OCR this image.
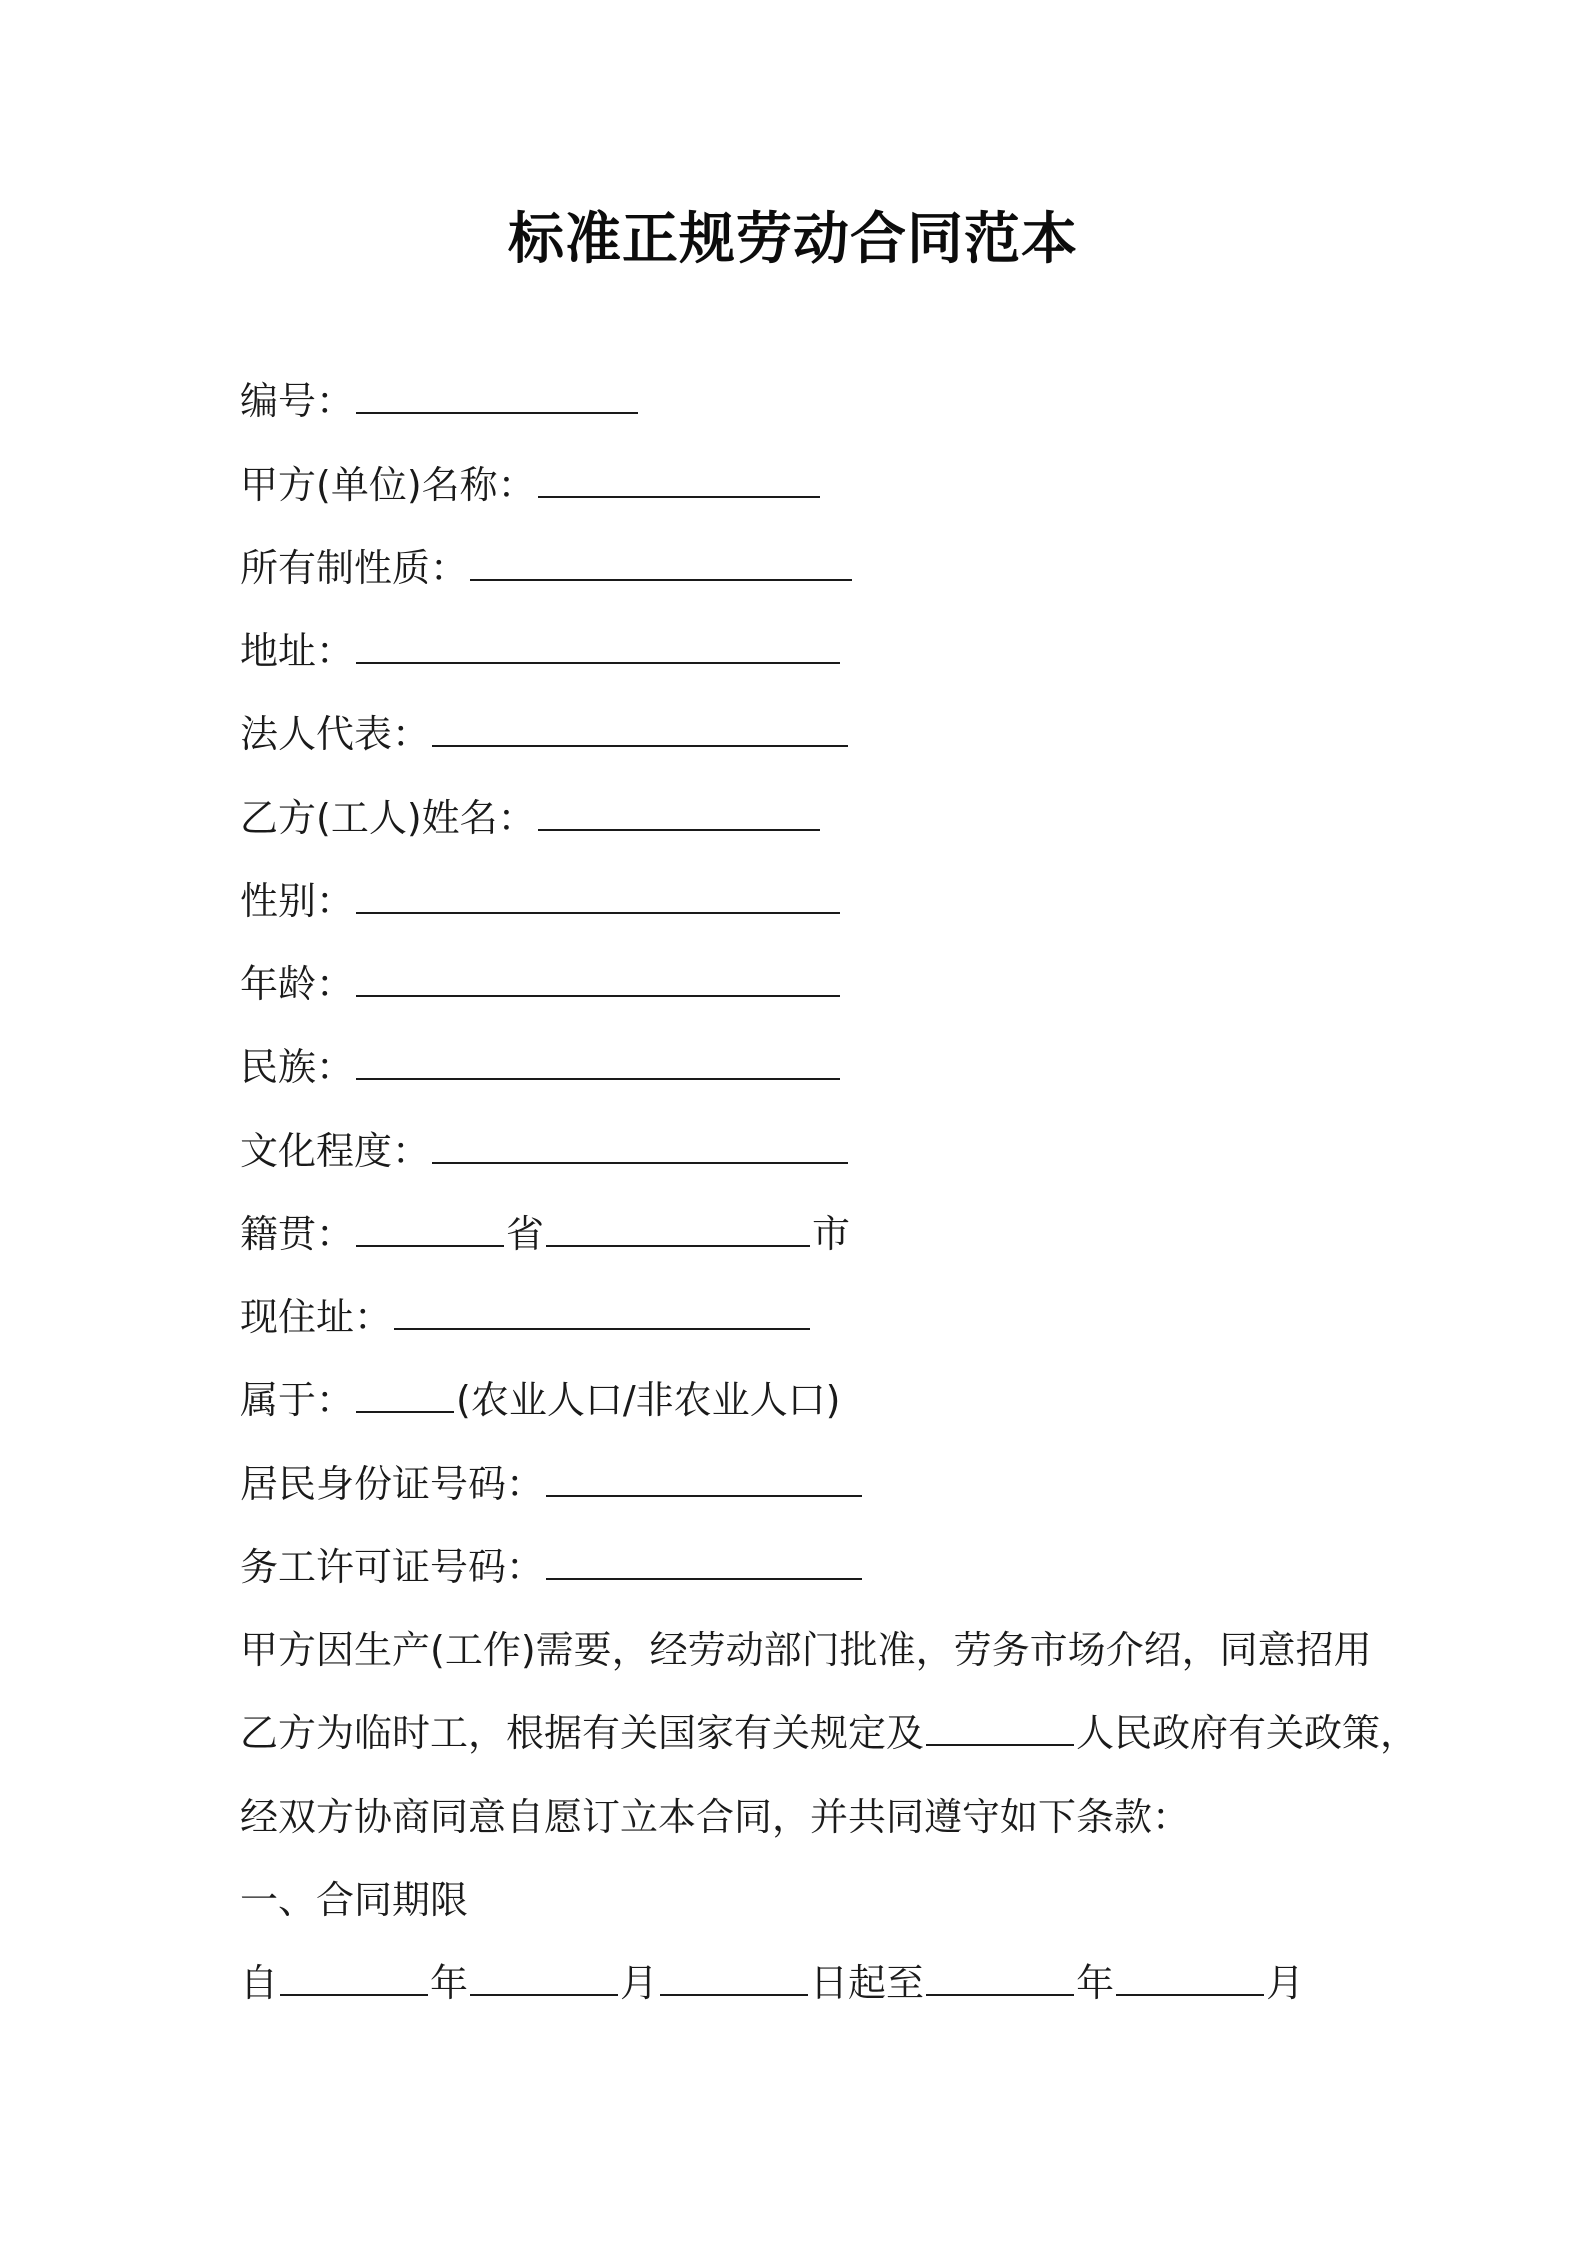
标准正规劳动合同范本
编号：
甲方(单位)名称：
所有制性质：
地址：
法人代表：
乙方(工人)姓名：
性别：
年龄：
民族：
文化程度：
籍贯：	省	市
现住址：
属于：	(农业人口/非农业人口)
居民身份证号码：
务工许可证号码：
甲方因生产(工作)需要，经劳动部门批准，劳务市场介绍，同意招用
乙方为临时工，根据有关国家有关规定及	人民政府有关政策，
经双方协商同意自愿订立本合同，并共同遵守如下条款：
一、合同期限
自	年	月	日起至	年	月
